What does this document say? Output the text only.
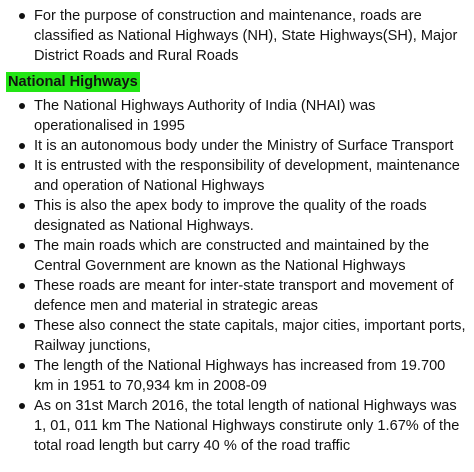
For the purpose of construction and maintenance, roads are classified as National Highways (NH), State Highways(SH), Major District Roads and Rural Roads
National Highways
The National Highways Authority of India (NHAI) was operationalised in 1995
It is an autonomous body under the Ministry of Surface Transport
It is entrusted with the responsibility of development, maintenance and operation of National Highways
This is also the apex body to improve the quality of the roads designated as National Highways.
The main roads which are constructed and maintained by the Central Government are known as the National Highways
These roads are meant for inter-state transport and movement of defence men and material in strategic areas
These also connect the state capitals, major cities, important ports, Railway junctions,
The length of the National Highways has increased from 19.700 km in 1951 to 70,934 km in 2008-09
As on 31st March 2016, the total length of national Highways was 1, 01, 011 km The National Highways constirute only 1.67% of the total road length but carry 40 % of the road traffic
